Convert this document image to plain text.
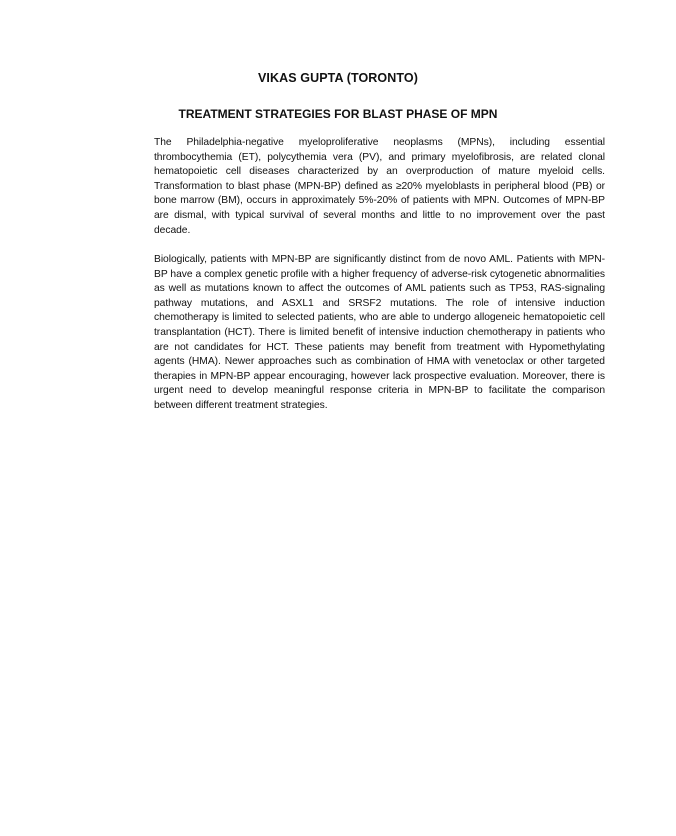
VIKAS GUPTA (TORONTO)
TREATMENT STRATEGIES FOR BLAST PHASE OF MPN

The Philadelphia-negative myeloproliferative neoplasms (MPNs), including essential thrombocythemia (ET), polycythemia vera (PV), and primary myelofibrosis, are related clonal hematopoietic cell diseases characterized by an overproduction of mature myeloid cells. Transformation to blast phase (MPN-BP) defined as ≥20% myeloblasts in peripheral blood (PB) or bone marrow (BM), occurs in approximately 5%-20% of patients with MPN. Outcomes of MPN-BP are dismal, with typical survival of several months and little to no improvement over the past decade.

Biologically, patients with MPN-BP are significantly distinct from de novo AML. Patients with MPN-BP have a complex genetic profile with a higher frequency of adverse-risk cytogenetic abnormalities as well as mutations known to affect the outcomes of AML patients such as TP53, RAS-signaling pathway mutations, and ASXL1 and SRSF2 mutations. The role of intensive induction chemotherapy is limited to selected patients, who are able to undergo allogeneic hematopoietic cell transplantation (HCT). There is limited benefit of intensive induction chemotherapy in patients who are not candidates for HCT. These patients may benefit from treatment with Hypomethylating agents (HMA). Newer approaches such as combination of HMA with venetoclax or other targeted therapies in MPN-BP appear encouraging, however lack prospective evaluation. Moreover, there is urgent need to develop meaningful response criteria in MPN-BP to facilitate the comparison between different treatment strategies.
